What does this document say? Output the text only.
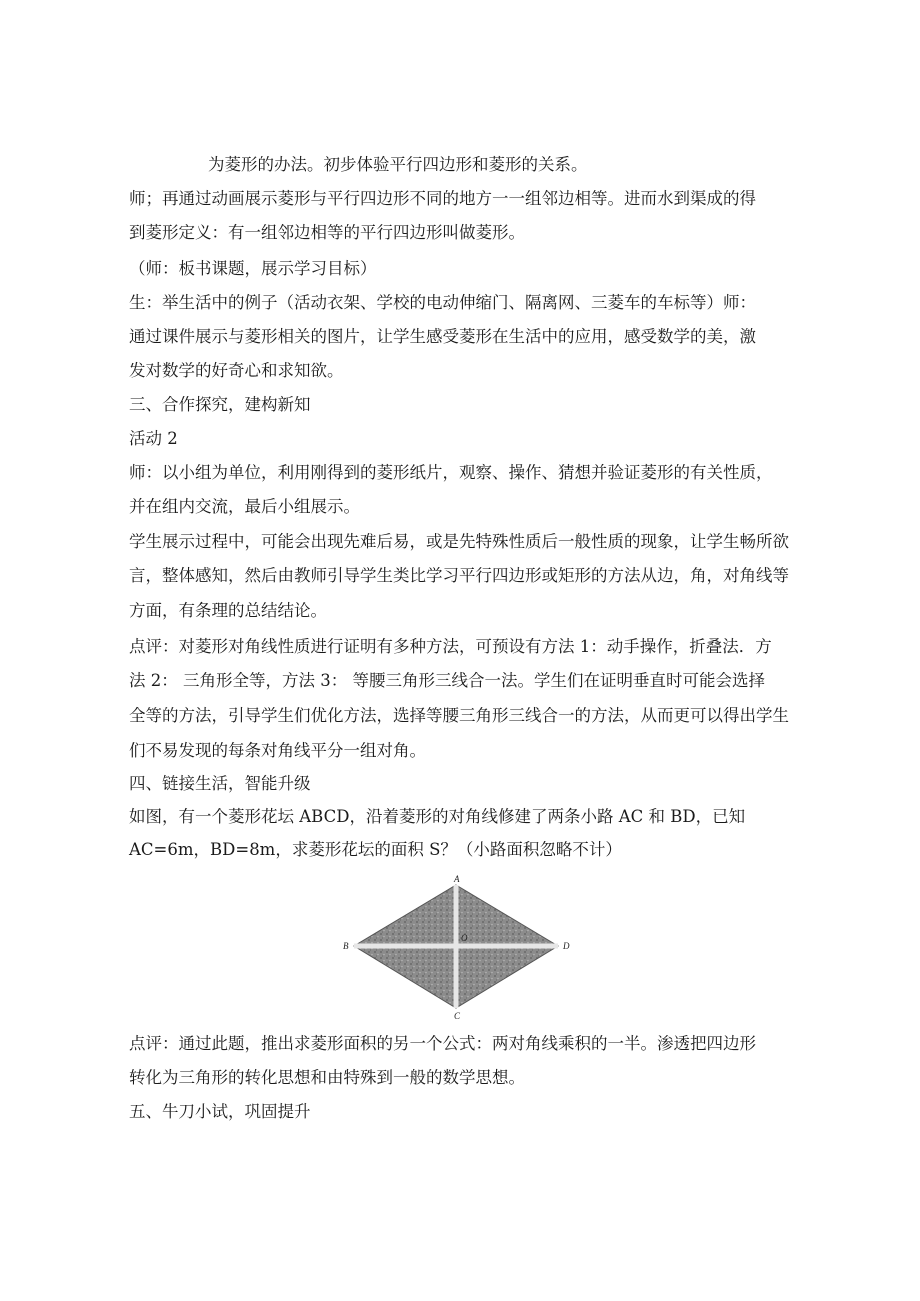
为菱形的办法。初步体验平行四边形和菱形的关系。
师；再通过动画展示菱形与平行四边形不同的地方一一组邻边相等。进而水到渠成的得
到菱形定义：有一组邻边相等的平行四边形叫做菱形。
（师：板书课题，展示学习目标）
生：举生活中的例子（活动衣架、学校的电动伸缩门、隔离网、三菱车的车标等）师：
通过课件展示与菱形相关的图片，让学生感受菱形在生活中的应用，感受数学的美，激
发对数学的好奇心和求知欲。
三、合作探究，建构新知
活动 2
师：以小组为单位，利用刚得到的菱形纸片，观察、操作、猜想并验证菱形的有关性质，
并在组内交流，最后小组展示。
学生展示过程中，可能会出现先难后易，或是先特殊性质后一般性质的现象，让学生畅所欲
言，整体感知，然后由教师引导学生类比学习平行四边形或矩形的方法从边，角，对角线等
方面，有条理的总结结论。
点评：对菱形对角线性质进行证明有多种方法，可预设有方法 1：动手操作，折叠法．方
法 2： 三角形全等，方法 3： 等腰三角形三线合一法。学生们在证明垂直时可能会选择
全等的方法，引导学生们优化方法，选择等腰三角形三线合一的方法，从而更可以得出学生
们不易发现的每条对角线平分一组对角。
四、链接生活，智能升级
如图，有一个菱形花坛 ABCD，沿着菱形的对角线修建了两条小路 AC 和 BD，已知
AC=6m，BD=8m，求菱形花坛的面积 S？（小路面积忽略不计）
A
B
C
D
O
点评：通过此题，推出求菱形面积的另一个公式：两对角线乘积的一半。渗透把四边形
转化为三角形的转化思想和由特殊到一般的数学思想。
五、牛刀小试，巩固提升
